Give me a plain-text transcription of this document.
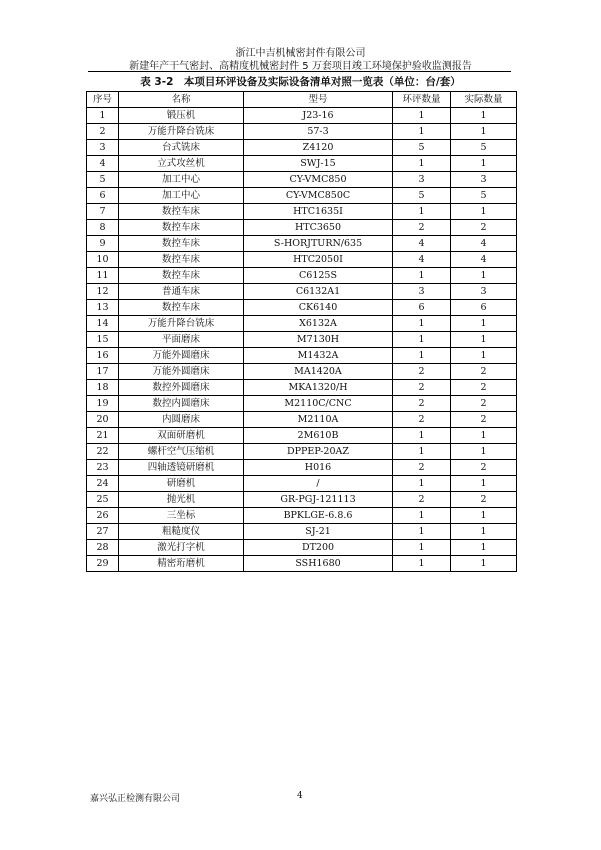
浙江中吉机械密封件有限公司
新建年产干气密封、高精度机械密封件 5 万套项目竣工环境保护验收监测报告
表 3-2　本项目环评设备及实际设备清单对照一览表（单位：台/套）
序号	名称	型号	环评数量	实际数量
1	锻压机	J23-16	1	1
2	万能升降台铣床	57-3	1	1
3	台式铣床	Z4120	5	5
4	立式攻丝机	SWJ-15	1	1
5	加工中心	CY-VMC850	3	3
6	加工中心	CY-VMC850C	5	5
7	数控车床	HTC1635I	1	1
8	数控车床	HTC3650	2	2
9	数控车床	S-HORJTURN/635	4	4
10	数控车床	HTC2050I	4	4
11	数控车床	C6125S	1	1
12	普通车床	C6132A1	3	3
13	数控车床	CK6140	6	6
14	万能升降台铣床	X6132A	1	1
15	平面磨床	M7130H	1	1
16	万能外圆磨床	M1432A	1	1
17	万能外圆磨床	MA1420A	2	2
18	数控外圆磨床	MKA1320/H	2	2
19	数控内圆磨床	M2110C/CNC	2	2
20	内圆磨床	M2110A	2	2
21	双面研磨机	2M610B	1	1
22	螺杆空气压缩机	DPPEP-20AZ	1	1
23	四轴透镜研磨机	H016	2	2
24	研磨机	/	1	1
25	抛光机	GR-PGJ-121113	2	2
26	三坐标	BPKLGE-6.8.6	1	1
27	粗糙度仪	SJ-21	1	1
28	激光打字机	DT200	1	1
29	精密珩磨机	SSH1680	1	1
嘉兴弘正检测有限公司	4
